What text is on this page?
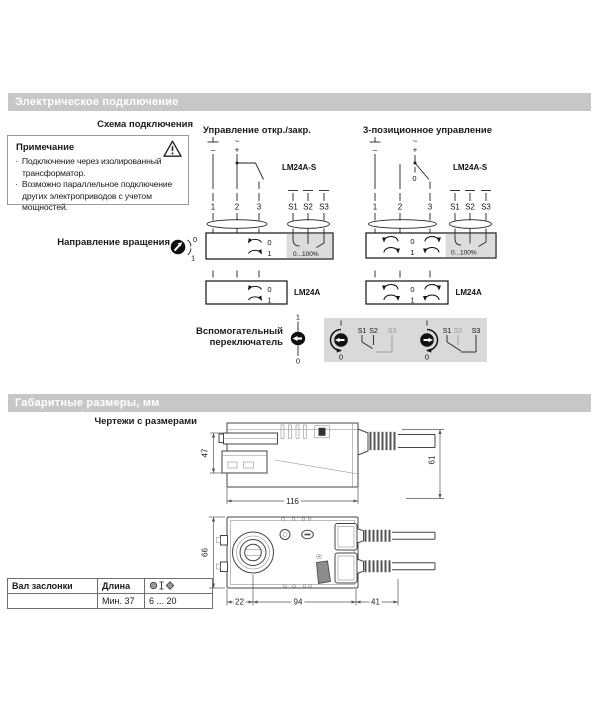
Электрическое подключение
Схема подключения
Примечание
· Подключение через изолированный трансформатор.
· Возможно параллельное подключение других электроприводов с учетом мощностей.
Управление откр./закр.
–
~
+
1 2 3	S1 S2 S3
LM24A-S
0...100%
0
1
0
1
LM24A
3-позиционное управление
–
~
+
0
1	2	3 S1 S2 S3
LM24A-S
0...100%
0
1
0
1
LM24A
Направление вращения	0
1
Вспомогательный
переключатель
1
0	0
S1 S2 S3
0
S1 S2 S3
Габаритные размеры, мм
Чертежи с размерами
47
116
61
66
22	94	41
Вал заслонки	Длина	
	Мин. 37	6 ... 20
